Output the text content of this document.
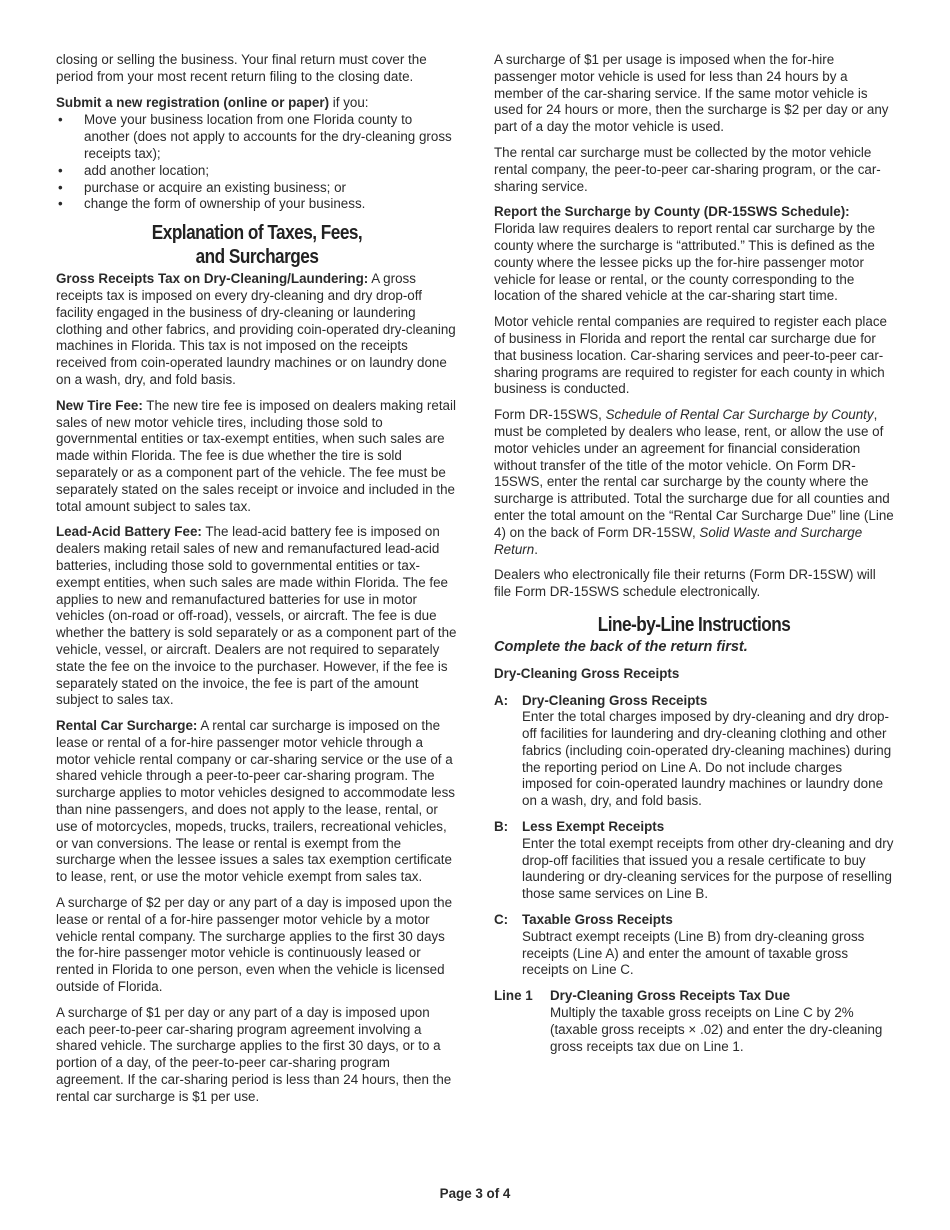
closing or selling the business. Your final return must cover the period from your most recent return filing to the closing date.

Submit a new registration (online or paper) if you:
• Move your business location from one Florida county to another (does not apply to accounts for the dry-cleaning gross receipts tax);
• add another location;
• purchase or acquire an existing business; or
• change the form of ownership of your business.
Explanation of Taxes, Fees,
and Surcharges

Gross Receipts Tax on Dry-Cleaning/Laundering: A gross receipts tax is imposed on every dry-cleaning and dry drop-off facility engaged in the business of dry-cleaning or laundering clothing and other fabrics, and providing coin-operated dry-cleaning machines in Florida. This tax is not imposed on the receipts received from coin-operated laundry machines or on laundry done on a wash, dry, and fold basis.

New Tire Fee: The new tire fee is imposed on dealers making retail sales of new motor vehicle tires, including those sold to governmental entities or tax-exempt entities, when such sales are made within Florida. The fee is due whether the tire is sold separately or as a component part of the vehicle. The fee must be separately stated on the sales receipt or invoice and included in the total amount subject to sales tax.

Lead-Acid Battery Fee: The lead-acid battery fee is imposed on dealers making retail sales of new and remanufactured lead-acid batteries, including those sold to governmental entities or tax-exempt entities, when such sales are made within Florida. The fee applies to new and remanufactured batteries for use in motor vehicles (on-road or off-road), vessels, or aircraft. The fee is due whether the battery is sold separately or as a component part of the vehicle, vessel, or aircraft. Dealers are not required to separately state the fee on the invoice to the purchaser. However, if the fee is separately stated on the invoice, the fee is part of the amount subject to sales tax.

Rental Car Surcharge: A rental car surcharge is imposed on the lease or rental of a for-hire passenger motor vehicle through a motor vehicle rental company or car-sharing service or the use of a shared vehicle through a peer-to-peer car-sharing program. The surcharge applies to motor vehicles designed to accommodate less than nine passengers, and does not apply to the lease, rental, or use of motorcycles, mopeds, trucks, trailers, recreational vehicles, or van conversions. The lease or rental is exempt from the surcharge when the lessee issues a sales tax exemption certificate to lease, rent, or use the motor vehicle exempt from sales tax.

A surcharge of $2 per day or any part of a day is imposed upon the lease or rental of a for-hire passenger motor vehicle by a motor vehicle rental company. The surcharge applies to the first 30 days the for-hire passenger motor vehicle is continuously leased or rented in Florida to one person, even when the vehicle is licensed outside of Florida.

A surcharge of $1 per day or any part of a day is imposed upon each peer-to-peer car-sharing program agreement involving a shared vehicle. The surcharge applies to the first 30 days, or to a portion of a day, of the peer-to-peer car-sharing program agreement. If the car-sharing period is less than 24 hours, then the rental car surcharge is $1 per use.

A surcharge of $1 per usage is imposed when the for-hire passenger motor vehicle is used for less than 24 hours by a member of the car-sharing service. If the same motor vehicle is used for 24 hours or more, then the surcharge is $2 per day or any part of a day the motor vehicle is used.

The rental car surcharge must be collected by the motor vehicle rental company, the peer-to-peer car-sharing program, or the car-sharing service.

Report the Surcharge by County (DR-15SWS Schedule): Florida law requires dealers to report rental car surcharge by the county where the surcharge is “attributed.” This is defined as the county where the lessee picks up the for-hire passenger motor vehicle for lease or rental, or the county corresponding to the location of the shared vehicle at the car-sharing start time.

Motor vehicle rental companies are required to register each place of business in Florida and report the rental car surcharge due for that business location. Car-sharing services and peer-to-peer car-sharing programs are required to register for each county in which business is conducted.

Form DR-15SWS, Schedule of Rental Car Surcharge by County, must be completed by dealers who lease, rent, or allow the use of motor vehicles under an agreement for financial consideration without transfer of the title of the motor vehicle. On Form DR-15SWS, enter the rental car surcharge by the county where the surcharge is attributed. Total the surcharge due for all counties and enter the total amount on the “Rental Car Surcharge Due” line (Line 4) on the back of Form DR-15SW, Solid Waste and Surcharge Return.

Dealers who electronically file their returns (Form DR-15SW) will file Form DR-15SWS schedule electronically.

Line-by-Line Instructions
Complete the back of the return first.
Dry-Cleaning Gross Receipts
A:	Dry-Cleaning Gross Receipts
Enter the total charges imposed by dry-cleaning and dry drop-off facilities for laundering and dry-cleaning clothing and other fabrics (including coin-operated dry-cleaning machines) during the reporting period on Line A. Do not include charges imposed for coin-operated laundry machines or laundry done on a wash, dry, and fold basis.
B:	Less Exempt Receipts
Enter the total exempt receipts from other dry-cleaning and dry drop-off facilities that issued you a resale certificate to buy laundering or dry-cleaning services for the purpose of reselling those same services on Line B.
C:	Taxable Gross Receipts
Subtract exempt receipts (Line B) from dry-cleaning gross receipts (Line A) and enter the amount of taxable gross receipts on Line C.
Line 1	Dry-Cleaning Gross Receipts Tax Due
Multiply the taxable gross receipts on Line C by 2% (taxable gross receipts × .02) and enter the dry-cleaning gross receipts tax due on Line 1.
Page 3 of 4
